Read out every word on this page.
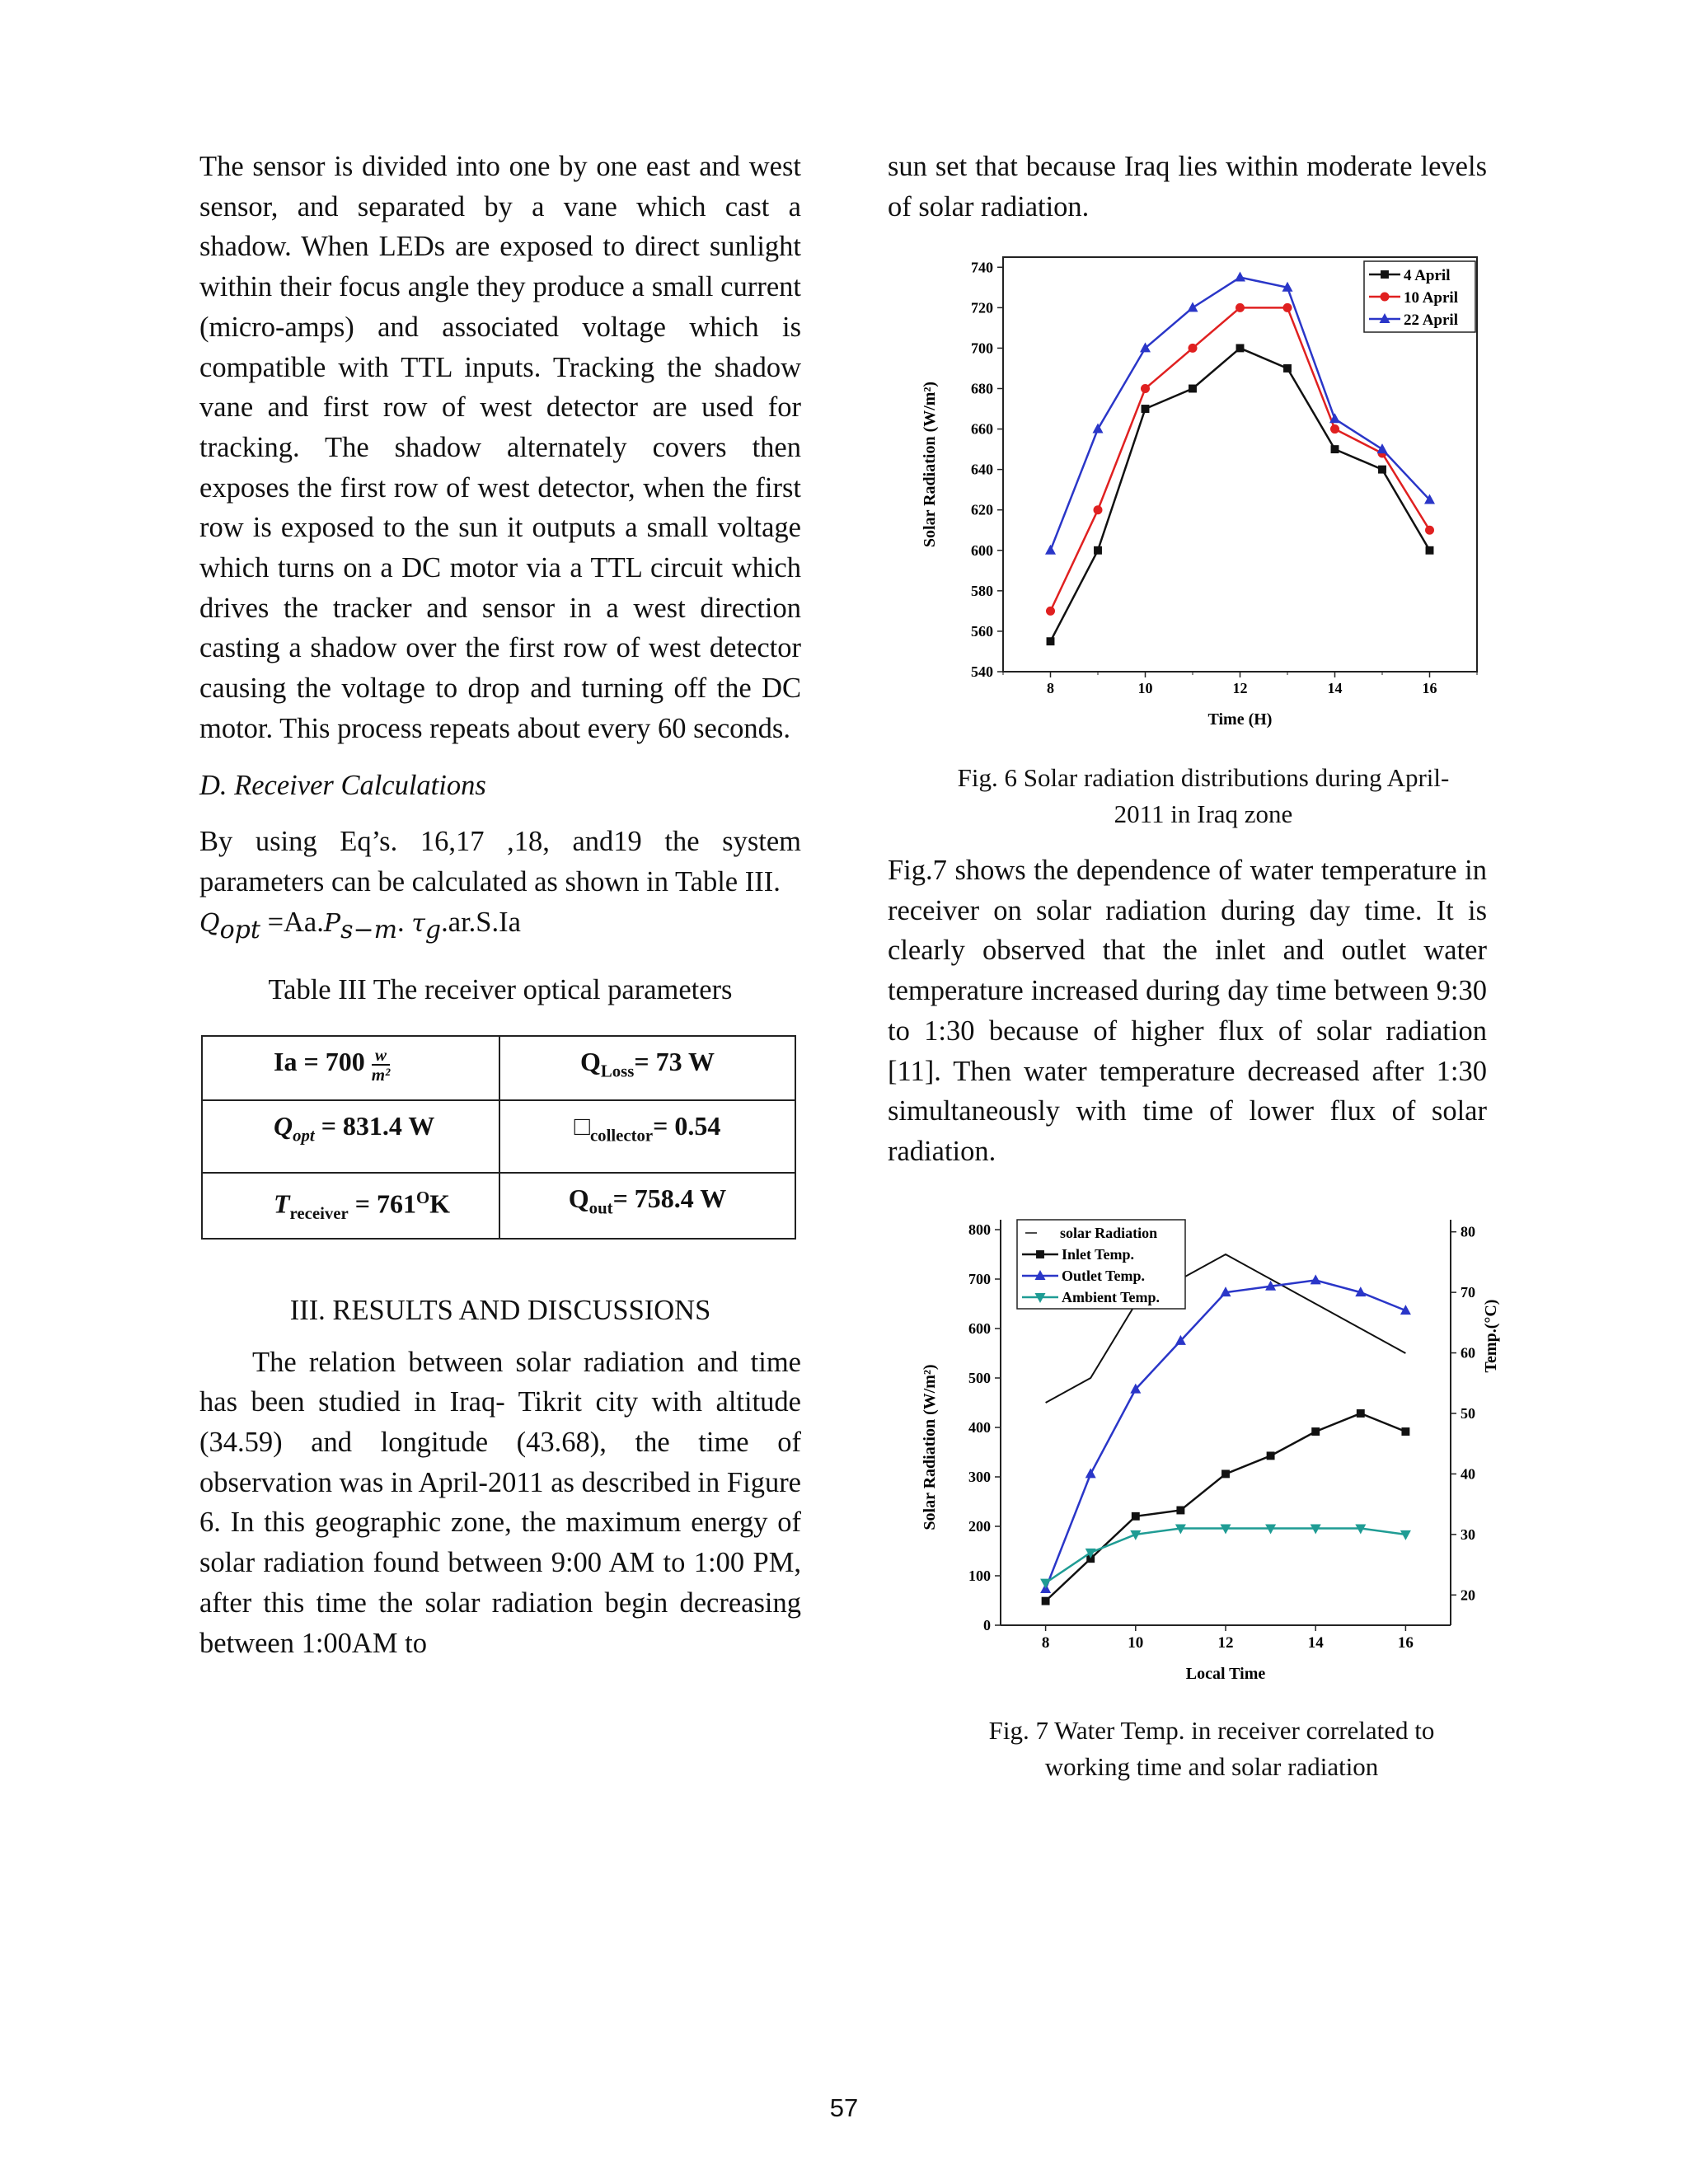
The sensor is divided into one by one east and west sensor, and separated by a vane which cast a shadow. When LEDs are exposed to direct sunlight within their focus angle they produce a small current (micro-amps) and associated voltage which is compatible with TTL inputs. Tracking the shadow vane and first row of west detector are used for tracking. The shadow alternately covers then exposes the first row of west detector, when the first row is exposed to the sun it outputs a small voltage which turns on a DC motor via a TTL circuit which drives the tracker and sensor in a west direction casting a shadow over the first row of west detector causing the voltage to drop and turning off the DC motor. This process repeats about every 60 seconds.

D. Receiver Calculations

By using Eq’s. 16,17 ,18, and19 the system parameters can be calculated as shown in Table III.

$Q_{opt} =Aa.P_{s-m}$. $\tau_g.ar.S.Ia$

Table III The receiver optical parameters

$Ia = 700 \frac{w}{\text{m²}}$	$Q_{Loss}= 73$ W
$Q_{opt} = 831.4$ W	$□_{collector}= 0.54$
$T_{receiver} = 761^OK$	$Q_{out}= 758.4$ W

III. RESULTS AND DISCUSSIONS

The relation between solar radiation and time has been studied in Iraq- Tikrit city with altitude (34.59) and longitude (43.68), the time of observation was in April-2011 as described in Figure 6. In this geographic zone, the maximum energy of solar radiation found between 9:00 AM to 1:00 PM, after this time the solar radiation begin decreasing between 1:00AM to

sun set that because Iraq lies within moderate levels of solar radiation.

Fig. 6 Solar radiation distributions during April-
2011 in Iraq zone

Fig.7 shows the dependence of water temperature in receiver on solar radiation during day time. It is clearly observed that the inlet and outlet water temperature increased during day time between 9:30 to 1:30 because of higher flux of solar radiation [11]. Then water temperature decreased after 1:30 simultaneously with time of lower flux of solar radiation.

Fig. 7 Water Temp. in receiver correlated to
working time and solar radiation
540
560
580
600
620
640
660
680
700
720
740
8	10	12	14	16
Time (H)
Solar Radiation (W/m²)
4 April
10 April
22 April
0
100
200
300
400
500
600
700
800
20
30
40
50
60
70
80
8	10	12	14	16
Local Time
Solar Radiation (W/m²)
Temp.(°C)
solar Radiation
Inlet Temp.
Outlet Temp.
Ambient Temp.
57
